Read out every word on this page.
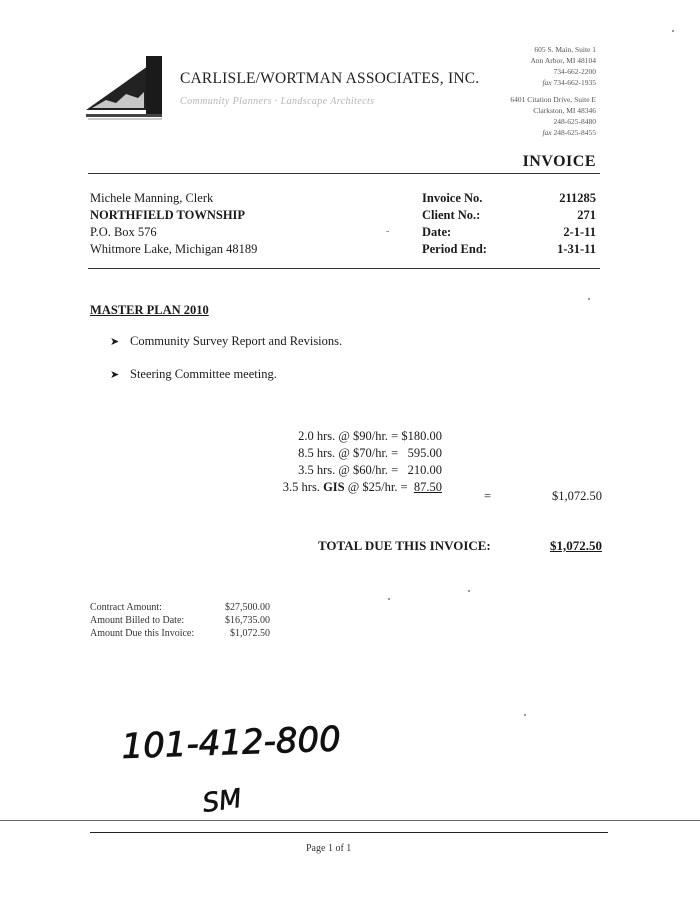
CARLISLE/WORTMAN ASSOCIATES, INC.
Community Planners · Landscape Architects
605 S. Main, Suite 1
Ann Arbor, MI 48104
734-662-2200
fax 734-662-1935
6401 Citation Drive, Suite E
Clarkston, MI 48346
248-625-8480
fax 248-625-8455
INVOICE
Michele Manning, Clerk
NORTHFIELD TOWNSHIP
P.O. Box 576
Whitmore Lake, Michigan 48189
-
Invoice No.
Client No.:
Date:
Period End:
211285
271
2-1-11
1-31-11
MASTER PLAN 2010
➤ Community Survey Report and Revisions.
➤ Steering Committee meeting.
2.0 hrs. @ $90/hr. = $180.00
8.5 hrs. @ $70/hr. =   595.00
3.5 hrs. @ $60/hr. =   210.00
3.5 hrs. GIS @ $25/hr. =  87.50
=	$1,072.50
TOTAL DUE THIS INVOICE:	$1,072.50
Contract Amount:
Amount Billed to Date:
Amount Due this Invoice:
$27,500.00
$16,735.00
$1,072.50
101-412-800
SM
Page 1 of 1
